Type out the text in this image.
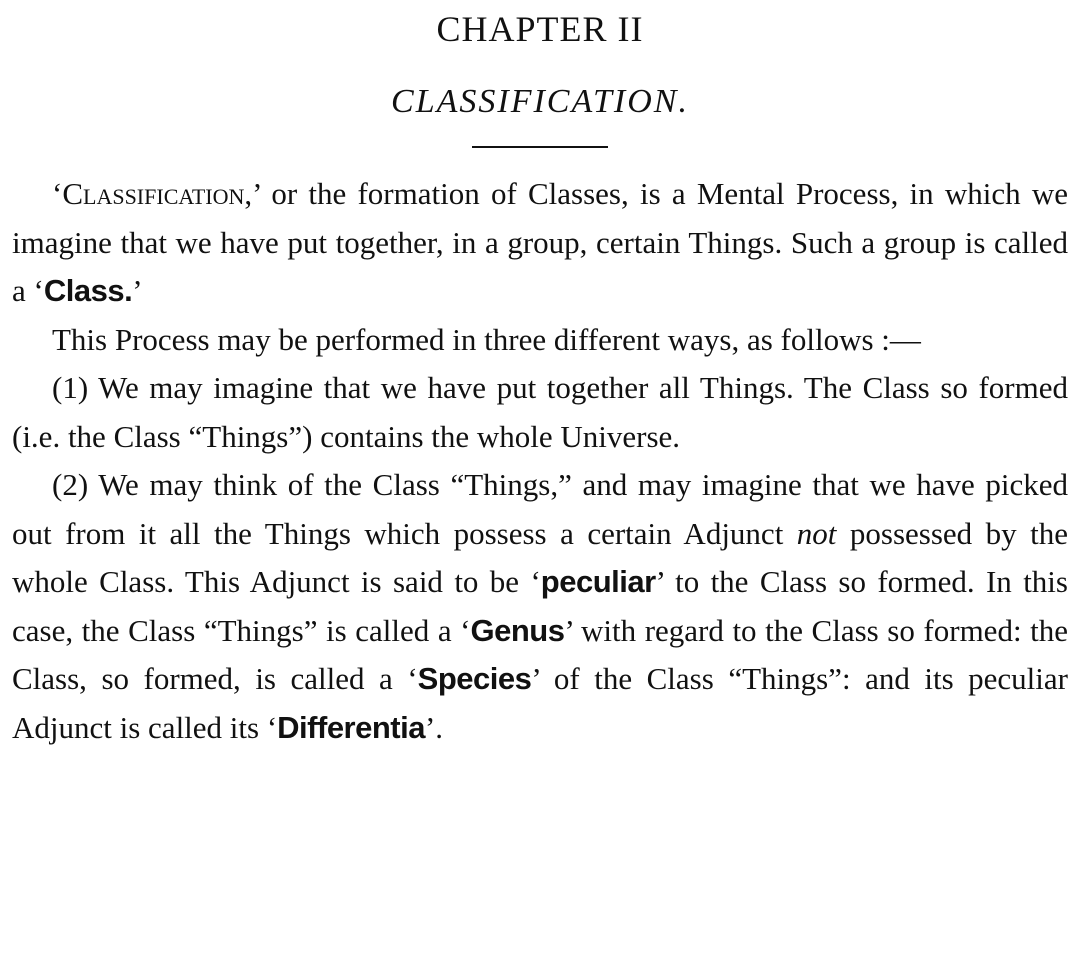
CHAPTER II
CLASSIFICATION.

‘Classification,’ or the formation of Classes, is a Mental Process, in which we imagine that we have put together, in a group, certain Things. Such a group is called a ‘Class.’

This Process may be performed in three different ways, as follows :—

(1) We may imagine that we have put together all Things. The Class so formed (i.e. the Class “Things”) contains the whole Universe.

(2) We may think of the Class “Things,” and may imagine that we have picked out from it all the Things which possess a certain Adjunct not possessed by the whole Class. This Adjunct is said to be ‘peculiar’ to the Class so formed. In this case, the Class “Things” is called a ‘Genus’ with regard to the Class so formed: the Class, so formed, is called a ‘Species’ of the Class “Things”: and its peculiar Adjunct is called its ‘Differentia’.
